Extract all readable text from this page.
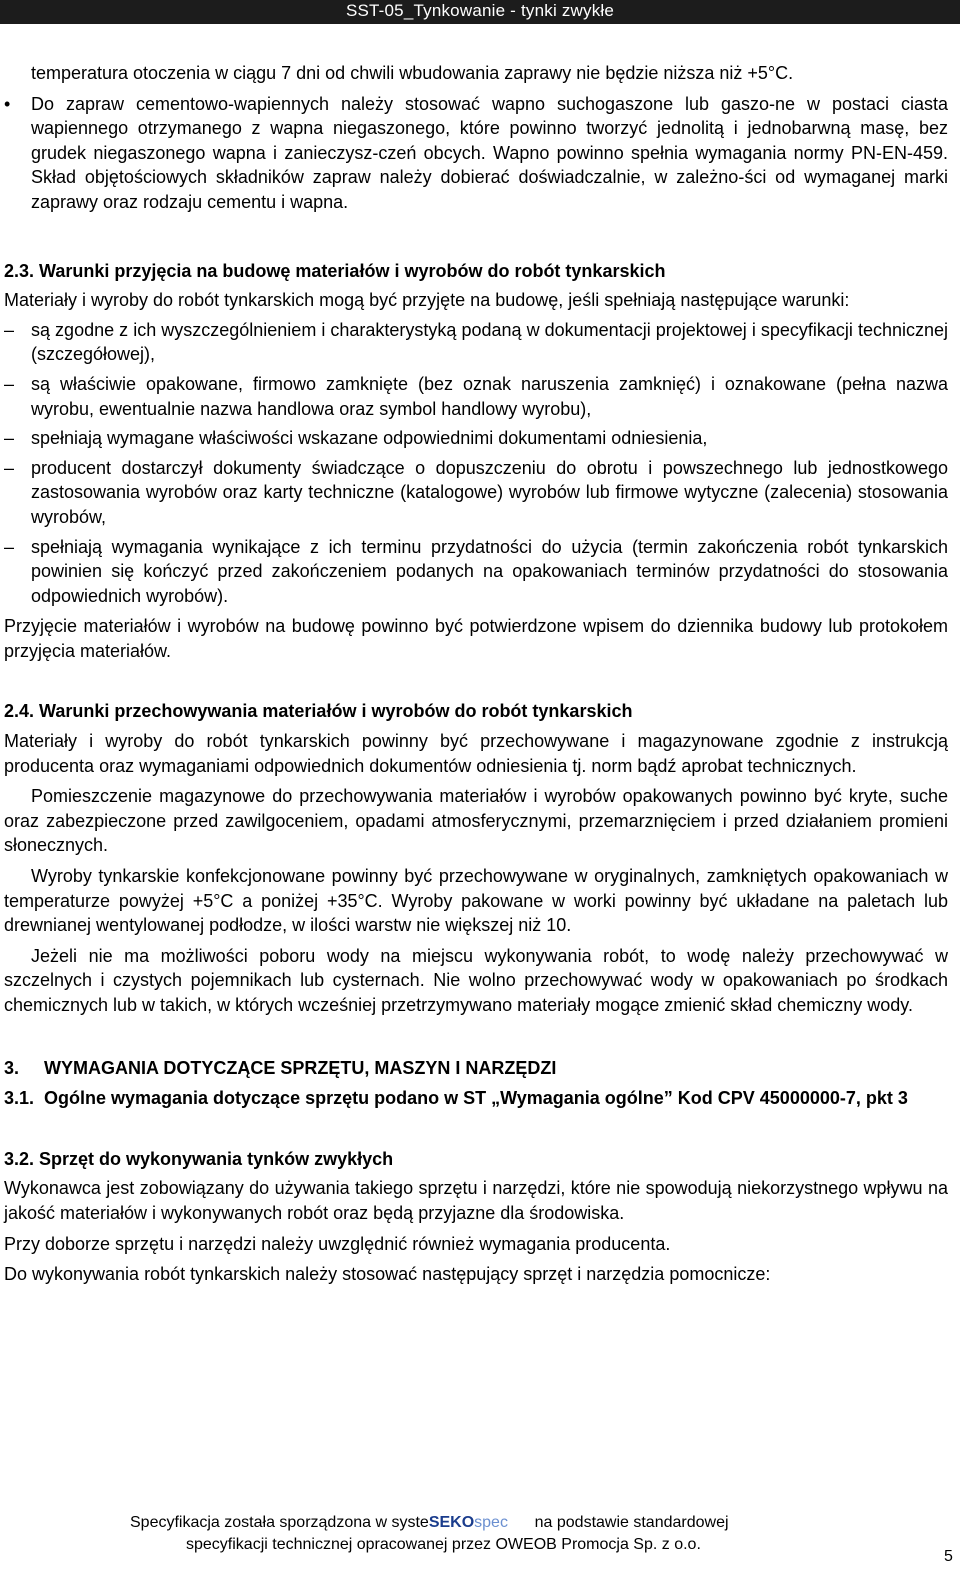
SST-05_Tynkowanie - tynki zwykłe

temperatura otoczenia w ciągu 7 dni od chwili wbudowania zaprawy nie będzie niższa niż +5°C.

• Do zapraw cementowo-wapiennych należy stosować wapno suchogaszone lub gaszo-ne w postaci ciasta wapiennego otrzymanego z wapna niegaszonego, które powinno tworzyć jednolitą i jednobarwną masę, bez grudek niegaszonego wapna i zanieczysz-czeń obcych. Wapno powinno spełnia wymagania normy PN-EN-459. Skład objętościowych składników zapraw należy dobierać doświadczalnie, w zależno-ści od wymaganej marki zaprawy oraz rodzaju cementu i wapna.

2.3. Warunki przyjęcia na budowę materiałów i wyrobów do robót tynkarskich

Materiały i wyroby do robót tynkarskich mogą być przyjęte na budowę, jeśli spełniają następujące warunki:

– są zgodne z ich wyszczególnieniem i charakterystyką podaną w dokumentacji projektowej i specyfikacji technicznej (szczegółowej),
– są właściwie opakowane, firmowo zamknięte (bez oznak naruszenia zamknięć) i oznakowane (pełna nazwa wyrobu, ewentualnie nazwa handlowa oraz symbol handlowy wyrobu),
– spełniają wymagane właściwości wskazane odpowiednimi dokumentami odniesienia,
– producent dostarczył dokumenty świadczące o dopuszczeniu do obrotu i powszechnego lub jednostkowego zastosowania wyrobów oraz karty techniczne (katalogowe) wyrobów lub firmowe wytyczne (zalecenia) stosowania wyrobów,
– spełniają wymagania wynikające z ich terminu przydatności do użycia (termin zakończenia robót tynkarskich powinien się kończyć przed zakończeniem podanych na opakowaniach terminów przydatności do stosowania odpowiednich wyrobów).

Przyjęcie materiałów i wyrobów na budowę powinno być potwierdzone wpisem do dziennika budowy lub protokołem przyjęcia materiałów.

2.4. Warunki przechowywania materiałów i wyrobów do robót tynkarskich

Materiały i wyroby do robót tynkarskich powinny być przechowywane i magazynowane zgodnie z instrukcją producenta oraz wymaganiami odpowiednich dokumentów odniesienia tj. norm bądź aprobat technicznych.

Pomieszczenie magazynowe do przechowywania materiałów i wyrobów opakowanych powinno być kryte, suche oraz zabezpieczone przed zawilgoceniem, opadami atmosferycznymi, przemarznięciem i przed działaniem promieni słonecznych.

Wyroby tynkarskie konfekcjonowane powinny być przechowywane w oryginalnych, zamkniętych opakowaniach w temperaturze powyżej +5°C a poniżej +35°C. Wyroby pakowane w worki powinny być układane na paletach lub drewnianej wentylowanej podłodze, w ilości warstw nie większej niż 10.

Jeżeli nie ma możliwości poboru wody na miejscu wykonywania robót, to wodę należy przechowywać w szczelnych i czystych pojemnikach lub cysternach. Nie wolno przechowywać wody w opakowaniach po środkach chemicznych lub w takich, w których wcześniej przetrzymywano materiały mogące zmienić skład chemiczny wody.

3. WYMAGANIA DOTYCZĄCE SPRZĘTU, MASZYN I NARZĘDZI
3.1. Ogólne wymagania dotyczące sprzętu podano w ST „Wymagania ogólne” Kod CPV 45000000-7, pkt 3

3.2. Sprzęt do wykonywania tynków zwykłych

Wykonawca jest zobowiązany do używania takiego sprzętu i narzędzi, które nie spowodują niekorzystnego wpływu na jakość materiałów i wykonywanych robót oraz będą przyjazne dla środowiska.

Przy doborze sprzętu i narzędzi należy uwzględnić również wymagania producenta.

Do wykonywania robót tynkarskich należy stosować następujący sprzęt i narzędzia pomocnicze:

Specyfikacja została sporządzona w systeSEKOspec na podstawie standardowej
specyfikacji technicznej opracowanej przez OWEOB Promocja Sp. z o.o.
5
